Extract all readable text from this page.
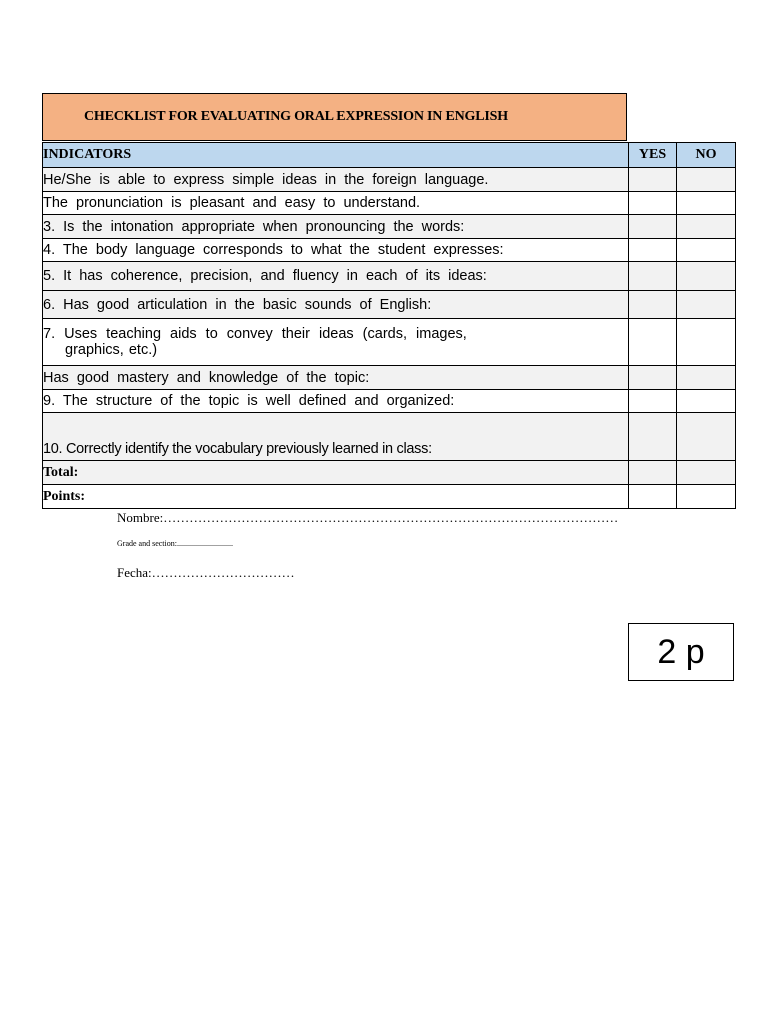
CHECKLIST FOR EVALUATING ORAL EXPRESSION IN ENGLISH
INDICATORS	YES	NO
He/She is able to express simple ideas in the foreign language.		
The pronunciation is pleasant and easy to understand.		
3. Is the intonation appropriate when pronouncing the words:		
4. The body language corresponds to what the student expresses:		
5. It has coherence, precision, and fluency in each of its ideas:		
6. Has good articulation in the basic sounds of English:		
7. Uses teaching aids to convey their ideas (cards, images,
graphics, etc.)		

Has good mastery and knowledge of the topic:		
9. The structure of the topic is well defined and organized:		
10. Correctly identify the vocabulary previously learned in class:		
Total:		
Points:		
Nombre:……………………………………………………………………………………………
Grade and section:............................
Fecha:……………………………
2 p
